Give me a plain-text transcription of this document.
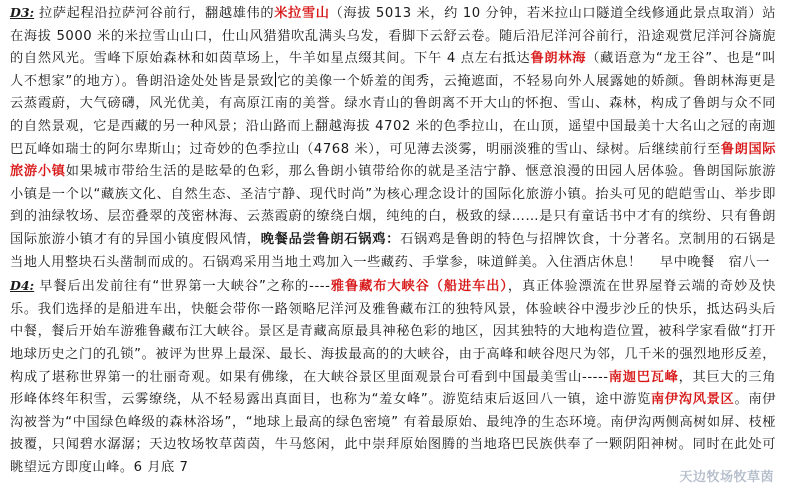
D3: 拉萨起程沿拉萨河谷前行，翻越雄伟的米拉雪山（海拔 5013 米，约 10 分钟，若米拉山口隧道全线修通此景点取消）站在海拔 5000 米的米拉雪山山口，仕山风猎猎吹乱满头乌发，看脚下云舒云卷。随后沿尼洋河谷前行，沿途观赏尼洋河谷旖旎的自然风光。雪峰下原始森林和如茵草场上，牛羊如星点缀其间。下午 4 点左右抵达鲁朗林海（藏语意为“龙王谷”、也是“叫人不想家”的地方）。鲁朗沿途处处皆是景致 它的美像一个娇羞的闺秀，云掩遮面，不轻易向外人展露她的娇颜。鲁朗林海更是云蒸霞蔚，大气磅礴，风光优美，有高原江南的美誉。绿水青山的鲁朗离不开大山的怀抱、雪山、森林，构成了鲁朗与众不同的自然景观，它是西藏的另一种风景；沿山路而上翻越海拔 4702 米的色季拉山，在山顶，遥望中国最美十大名山之冠的南迦巴瓦峰如瑞士的阿尔卑斯山；过奇妙的色季拉山（4768 米），可见薄去淡雾，明丽淡雅的雪山、绿树。后继续前行至鲁朗国际旅游小镇如果城市带给生活的是眩晕的色彩，那么鲁朗小镇带给你的就是圣洁宁静、惬意浪漫的田园人居体验。鲁朗国际旅游小镇是一个以“藏族文化、自然生态、圣洁宁静、现代时尚”为核心理念设计的国际化旅游小镇。抬头可见的皑皑雪山、举步即到的油绿牧场、层峦叠翠的茂密林海、云蒸霞蔚的缭绕白烟，纯纯的白，极致的绿……是只有童话书中才有的缤纷、只有鲁朗国际旅游小镇才有的异国小镇度假风情，晚餐品尝鲁朗石锅鸡：石锅鸡是鲁朗的特色与招牌饮食，十分著名。烹制用的石锅是当地人用整块石头凿制而成的。石锅鸡采用当地土鸡加入一些藏药、手掌参，味道鲜美。入住酒店休息！ 早中晚餐　宿八一

D4: 早餐后出发前往有“世界第一大峡谷”之称的----雅鲁藏布大峡谷（船进车出），真正体验漂流在世界屋脊云端的奇妙及快乐。我们选择的是船进车出，快艇会带你一路领略尼洋河及雅鲁藏布江的独特风景，体验峡谷中漫步沙丘的快乐，抵达码头后中餐，餐后开始车游雅鲁藏布江大峡谷。景区是青藏高原最具神秘色彩的地区，因其独特的大地构造位置，被科学家看做“打开地球历史之门的孔锁”。被评为世界上最深、最长、海拔最高的的大峡谷，由于高峰和峡谷咫尺为邻，几千米的强烈地形反差，构成了堪称世界第一的壮丽奇观。如果有佛缘，在大峡谷景区里面观景台可看到中国最美雪山-----南迦巴瓦峰，其巨大的三角形峰体终年积雪，云雾缭绕，从不轻易露出真面目，也称为“羞女峰”。游览结束后返回八一镇，途中游览南伊沟风景区。南伊沟被誉为“中国绿色峰级的森林浴场”，“地球上最高的绿色密境” 有着最原始、最纯净的生态环境。南伊沟两侧高树如屏、枝桠披覆，只闻碧水潺潺；天边牧场牧草茵茵，牛马悠闲，此中崇拜原始图腾的当地珞巴民族供奉了一颗阴阳神树。同时在此处可眺望远方即度山峰。6 月底 7

天边牧场牧草茵
